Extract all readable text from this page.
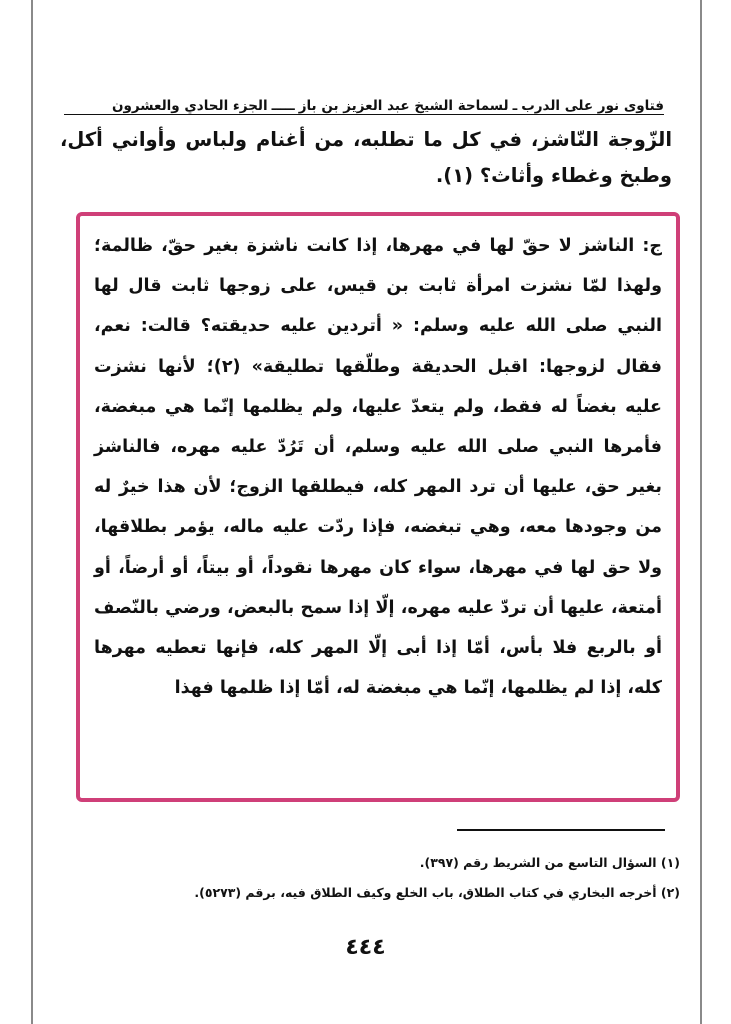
فتاوى نور على الدرب
ـ
لسماحة الشيخ عبد العزيز بن باز
ـــــ
الجزء الحادي والعشرون
الزّوجة النّاشز، في كل ما تطلبه، من أغنام ولباس وأواني أكل، وطبخ وغطاء وأثاث؟ (١).

ج: الناشز لا حقّ لها في مهرها، إذا كانت ناشزة بغير حقّ، ظالمة؛ ولهذا لمّا نشزت امرأة ثابت بن قيس، على زوجها ثابت قال لها النبي صلى الله عليه وسلم: « أتردين عليه حديقته؟ قالت: نعم، فقال لزوجها: اقبل الحديقة وطلّقها تطليقة» (٢)؛ لأنها نشزت عليه بغضاً له فقط، ولم يتعدّ عليها، ولم يظلمها إنّما هي مبغضة، فأمرها النبي صلى الله عليه وسلم، أن تَرُدّ عليه مهره، فالناشز بغير حق، عليها أن ترد المهر كله، فيطلقها الزوج؛ لأن هذا خيرٌ له من وجودها معه، وهي تبغضه، فإذا ردّت عليه ماله، يؤمر بطلاقها، ولا حق لها في مهرها، سواء كان مهرها نقوداً، أو بيتاً، أو أرضاً، أو أمتعة، عليها أن تردّ عليه مهره، إلّا إذا سمح بالبعض، ورضي بالنّصف أو بالربع فلا بأس، أمّا إذا أبى إلّا المهر كله، فإنها تعطيه مهرها كله، إذا لم يظلمها، إنّما هي مبغضة له، أمّا إذا ظلمها فهذا

(١) السؤال التاسع من الشريط رقم (٣٩٧).

(٢) أخرجه البخاري في كتاب الطلاق، باب الخلع وكيف الطلاق فيه، برقم (٥٢٧٣).

٤٤٤
